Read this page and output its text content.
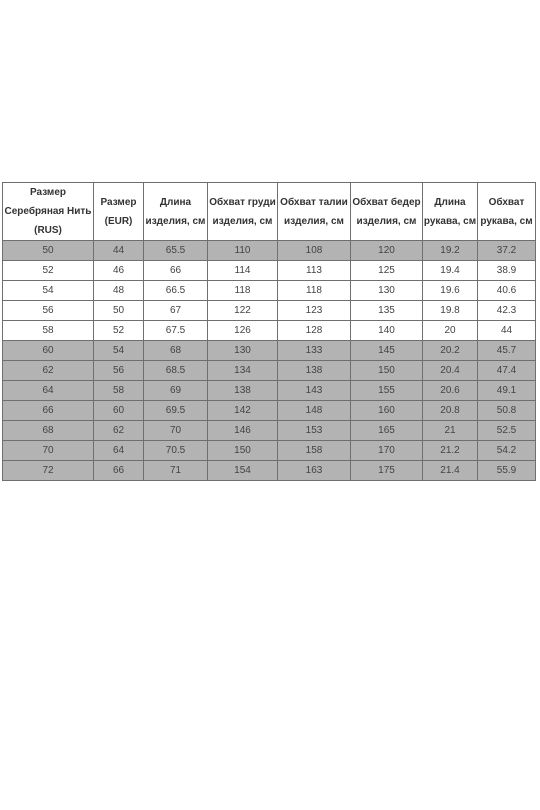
Размер Серебряная Нить (RUS)	Размер (EUR)	Длина изделия, см	Обхват груди изделия, см	Обхват талии изделия, см	Обхват бедер изделия, см	Длина рукава, см	Обхват рукава, см
50	44	65.5	110	108	120	19.2	37.2
52	46	66	114	113	125	19.4	38.9
54	48	66.5	118	118	130	19.6	40.6
56	50	67	122	123	135	19.8	42.3
58	52	67.5	126	128	140	20	44
60	54	68	130	133	145	20.2	45.7
62	56	68.5	134	138	150	20.4	47.4
64	58	69	138	143	155	20.6	49.1
66	60	69.5	142	148	160	20.8	50.8
68	62	70	146	153	165	21	52.5
70	64	70.5	150	158	170	21.2	54.2
72	66	71	154	163	175	21.4	55.9
